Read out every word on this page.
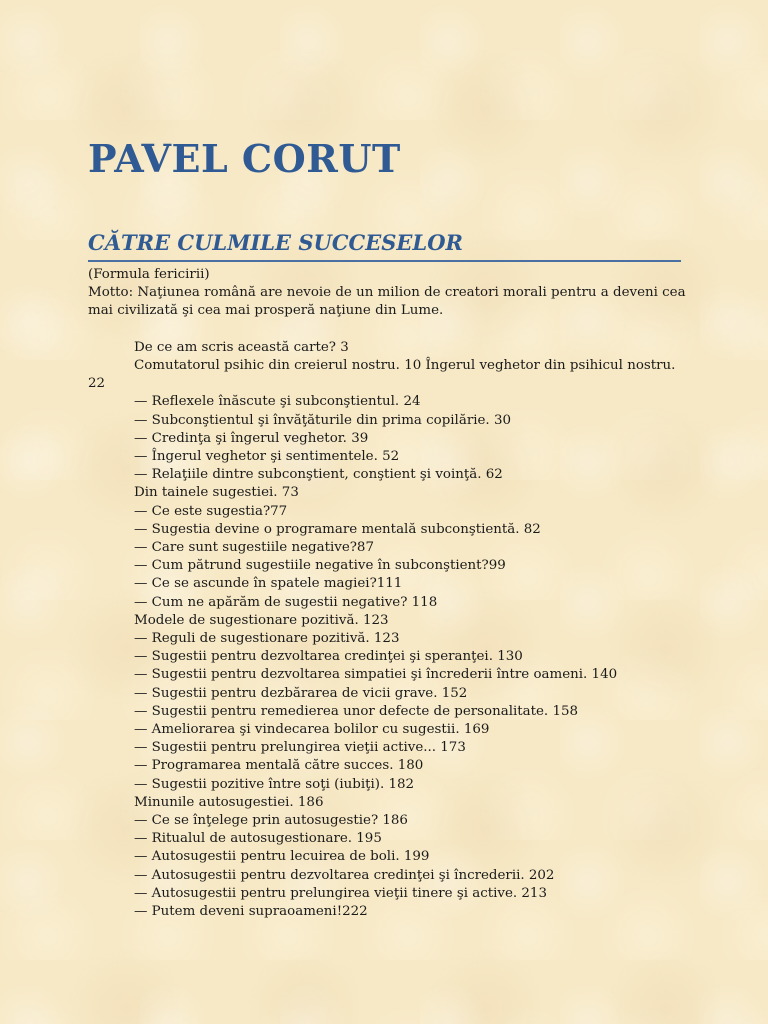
PAVEL CORUT
CĂTRE CULMILE SUCCESELOR
(Formula fericirii)
Motto: Naţiunea română are nevoie de un milion de creatori morali pentru a deveni cea mai civilizată şi cea mai prosperă naţiune din Lume.
De ce am scris această carte? 3
Comutatorul psihic din creierul nostru. 10 Îngerul veghetor din psihicul nostru. 22
— Reflexele înăscute şi subconştientul. 24
— Subconştientul şi învăţăturile din prima copilărie. 30
— Credinţa şi îngerul veghetor. 39
— Îngerul veghetor şi sentimentele. 52
— Relaţiile dintre subconştient, conştient şi voinţă. 62
Din tainele sugestiei. 73
— Ce este sugestia?77
— Sugestia devine o programare mentală subconştientă. 82
— Care sunt sugestiile negative?87
— Cum pătrund sugestiile negative în subconştient?99
— Ce se ascunde în spatele magiei?111
— Cum ne apărăm de sugestii negative? 118
Modele de sugestionare pozitivă. 123
— Reguli de sugestionare pozitivă. 123
— Sugestii pentru dezvoltarea credinţei şi speranţei. 130
— Sugestii pentru dezvoltarea simpatiei şi încrederii între oameni. 140
— Sugestii pentru dezbărarea de vicii grave. 152
— Sugestii pentru remedierea unor defecte de personalitate. 158
— Ameliorarea şi vindecarea bolilor cu sugestii. 169
— Sugestii pentru prelungirea vieţii active... 173
— Programarea mentală către succes. 180
— Sugestii pozitive între soţi (iubiţi). 182
Minunile autosugestiei. 186
— Ce se înţelege prin autosugestie? 186
— Ritualul de autosugestionare. 195
— Autosugestii pentru lecuirea de boli. 199
— Autosugestii pentru dezvoltarea credinţei şi încrederii. 202
— Autosugestii pentru prelungirea vieţii tinere şi active. 213
— Putem deveni supraoameni!222
